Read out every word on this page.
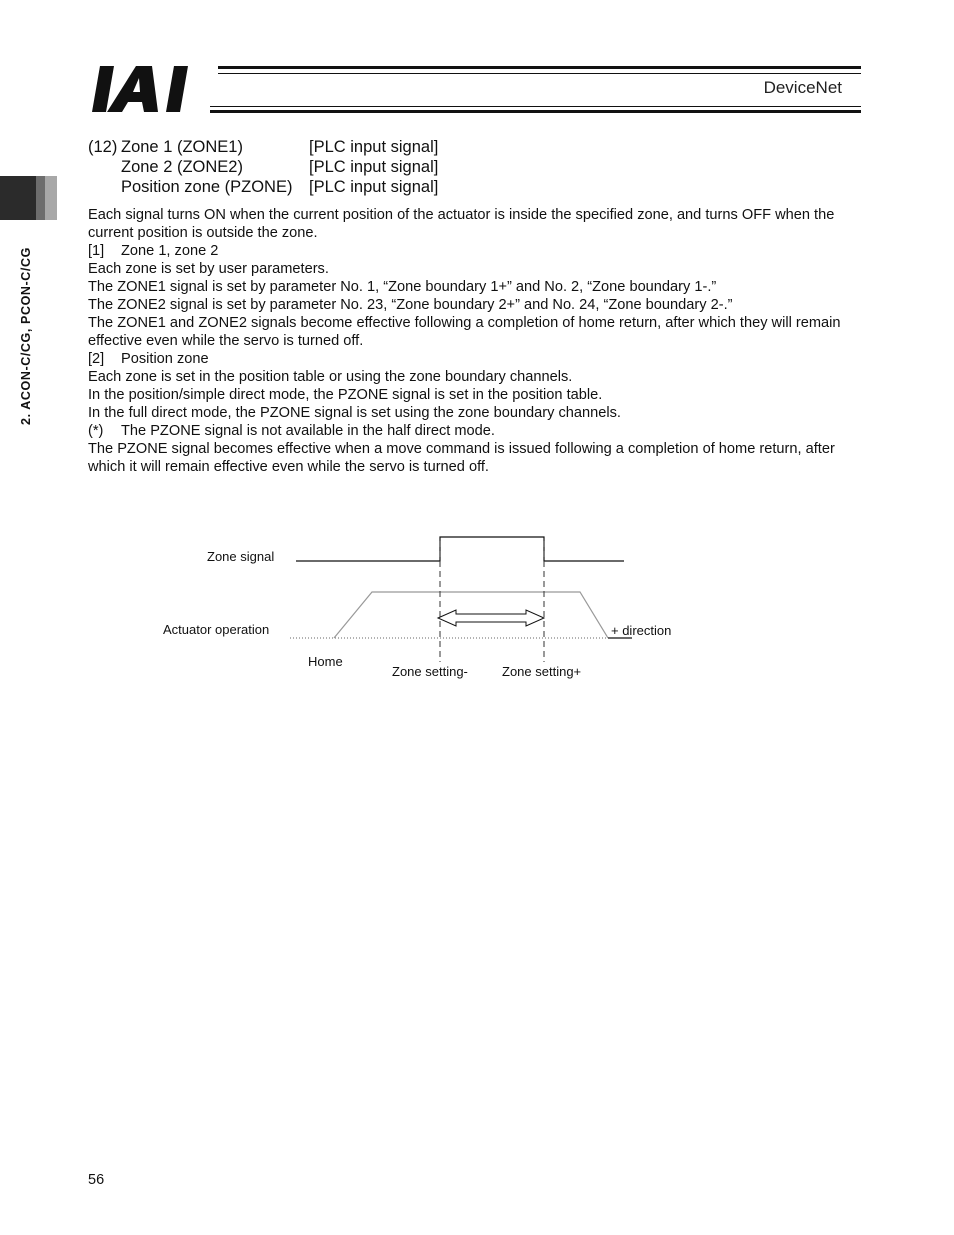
DeviceNet
2. ACON-C/CG, PCON-C/CG
(12) Zone 1 (ZONE1)	[PLC input signal]
Zone 2 (ZONE2)	[PLC input signal]
Position zone (PZONE) [PLC input signal]

Each signal turns ON when the current position of the actuator is inside the specified zone, and turns OFF when the current position is outside the zone.

[1] Zone 1, zone 2

Each zone is set by user parameters.

The ZONE1 signal is set by parameter No. 1, “Zone boundary 1+” and No. 2, “Zone boundary 1-.”

The ZONE2 signal is set by parameter No. 23, “Zone boundary 2+” and No. 24, “Zone boundary 2-.”

The ZONE1 and ZONE2 signals become effective following a completion of home return, after which they will remain effective even while the servo is turned off.

[2] Position zone

Each zone is set in the position table or using the zone boundary channels.

In the position/simple direct mode, the PZONE signal is set in the position table.

In the full direct mode, the PZONE signal is set using the zone boundary channels.

(*) The PZONE signal is not available in the half direct mode.

The PZONE signal becomes effective when a move command is issued following a completion of home return, after which it will remain effective even while the servo is turned off.

Zone signal
Actuator operation
Home
Zone setting-	Zone setting+
+ direction
56
